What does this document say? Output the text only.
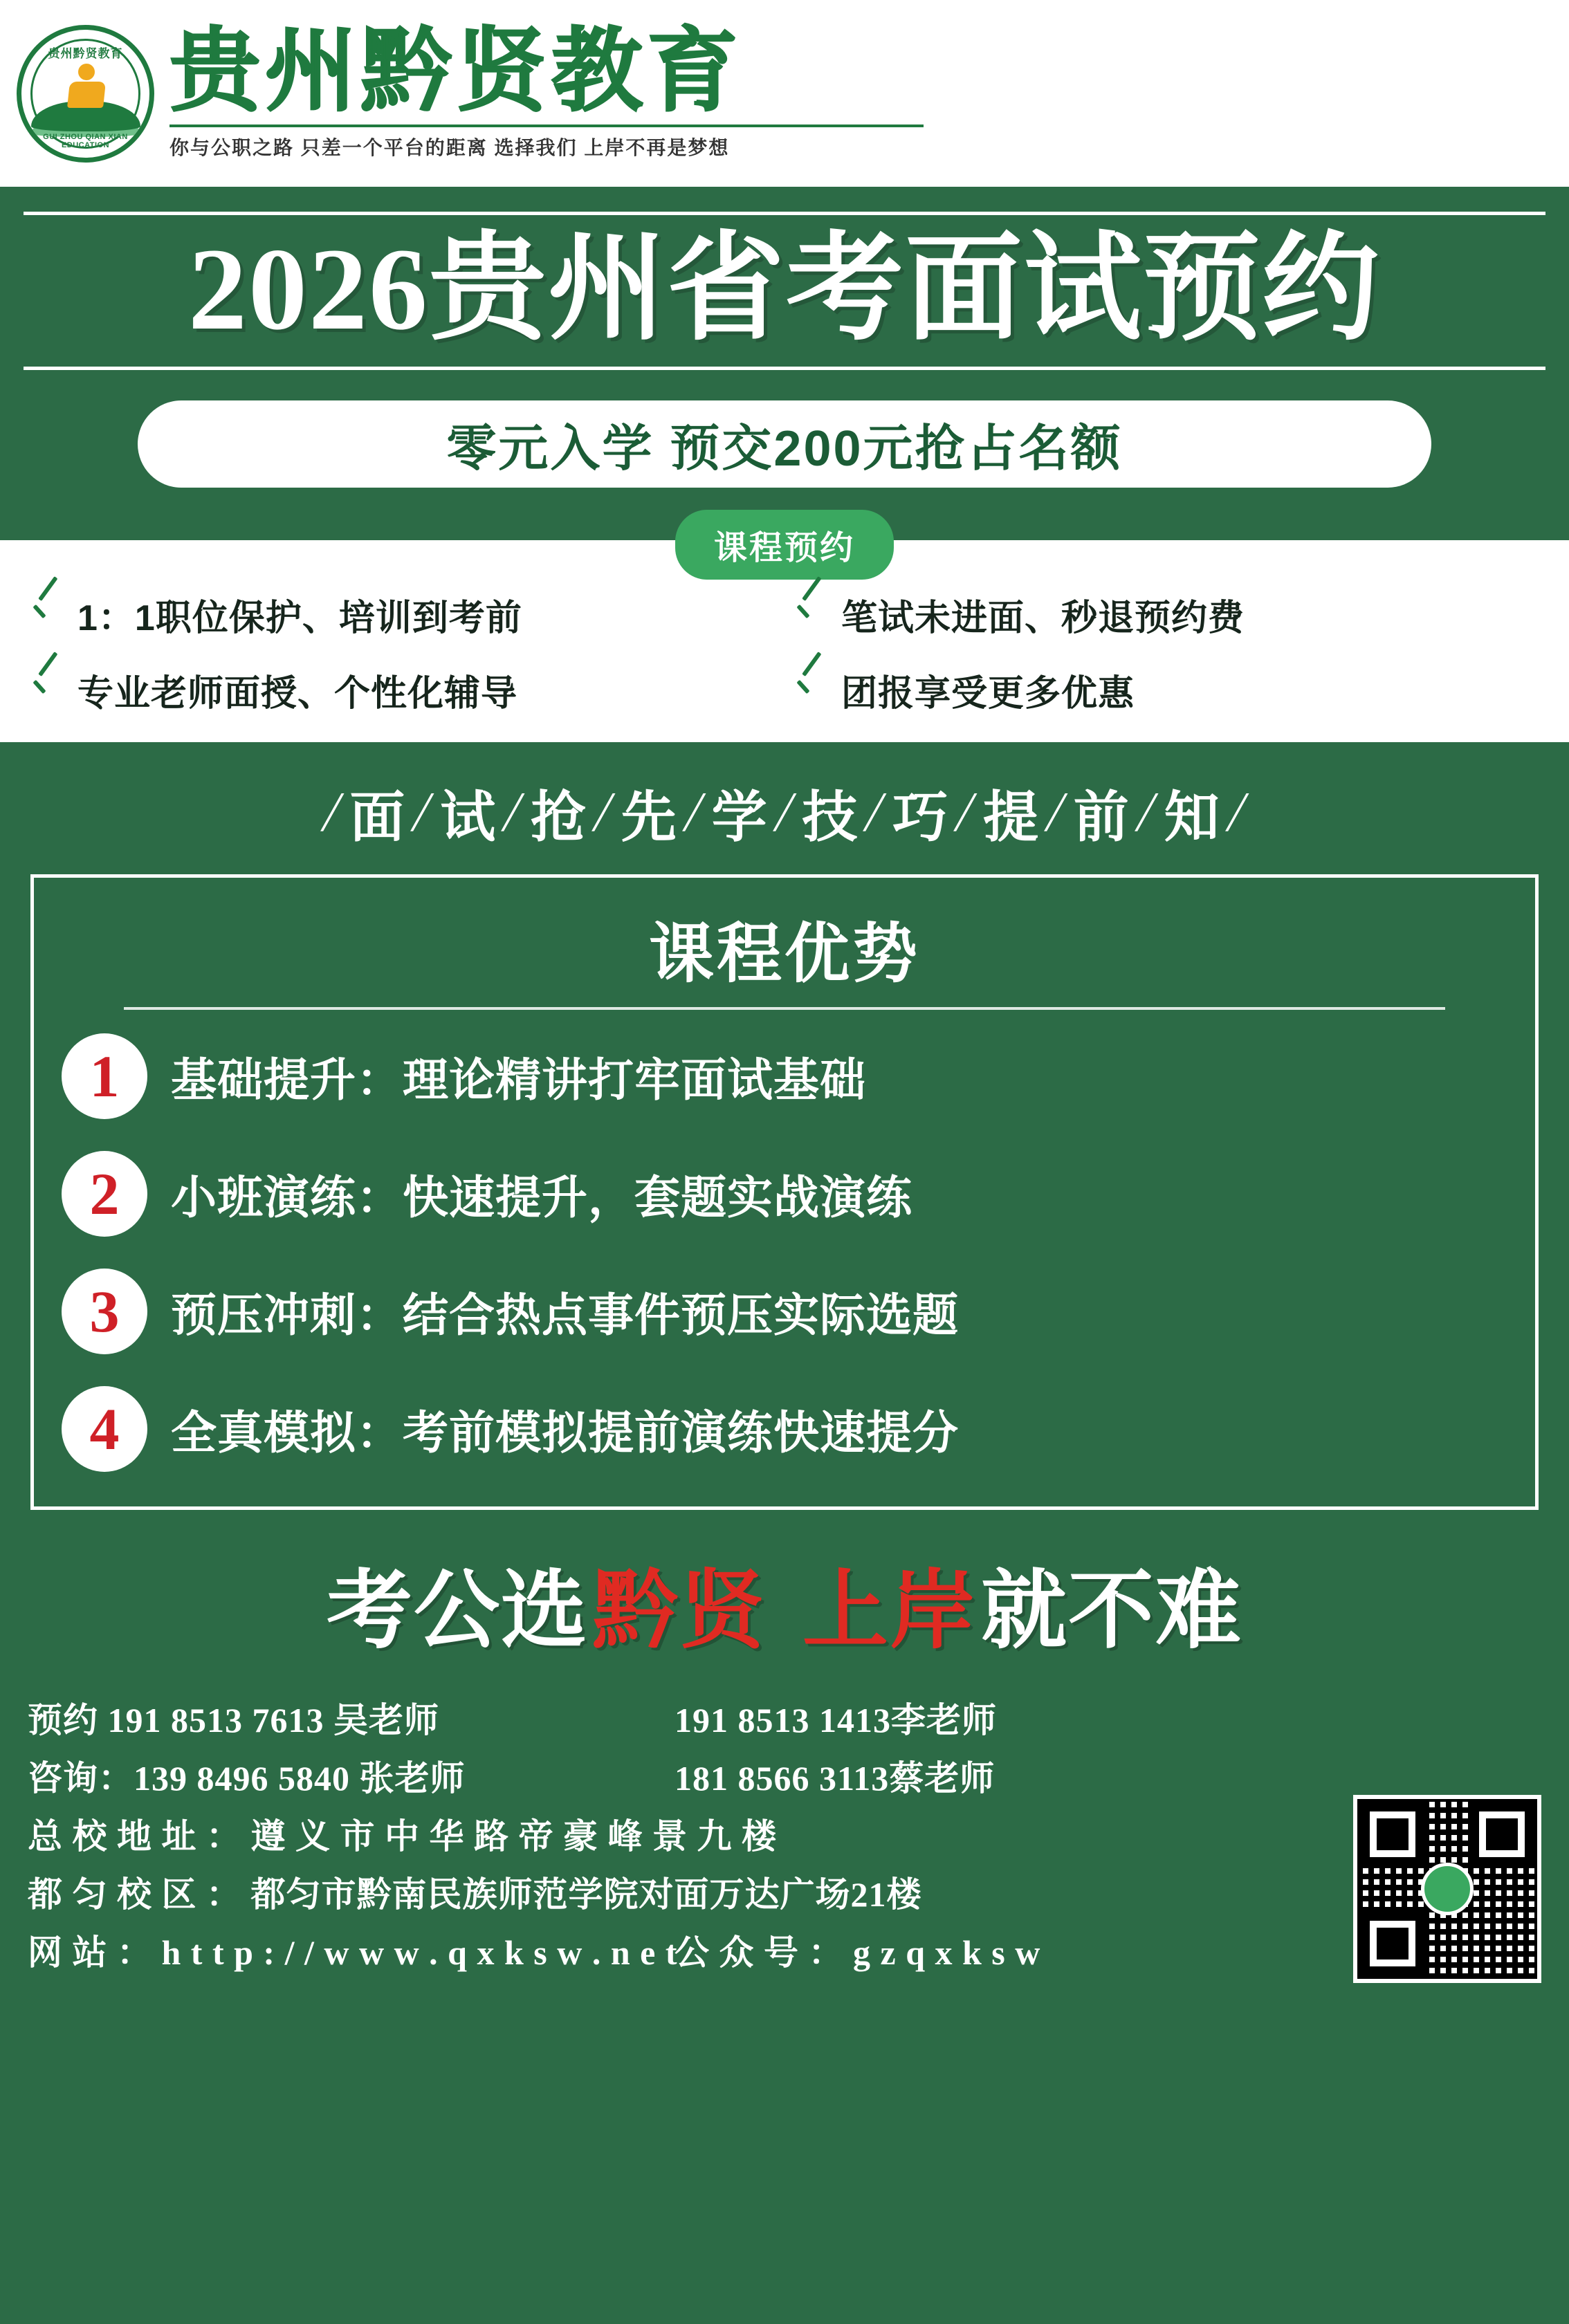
贵州黔贤教育
GUI ZHOU QIAN XIAN EDUCATION
贵州黔贤教育
你与公职之路 只差一个平台的距离 选择我们 上岸不再是梦想
2026贵州省考面试预约
零元入学 预交200元抢占名额
课程预约
1：1职位保护、培训到考前	笔试未进面、秒退预约费
专业老师面授、个性化辅导	团报享受更多优惠
/ 面 / 试 / 抢 / 先 / 学 / 技 / 巧 / 提 / 前 / 知 /
课程优势
1	基础提升：理论精讲打牢面试基础
2	小班演练：快速提升，套题实战演练
3	预压冲刺：结合热点事件预压实际选题
4	全真模拟：考前模拟提前演练快速提分
考公选 黔贤 上岸 就不难
预约 191 8513 7613 吴老师	191 8513 1413李老师
咨询：139 8496 5840 张老师	181 8566 3113蔡老师
总 校 地 址 ： 遵 义 市 中 华 路 帝 豪 峰 景 九 楼
都 匀 校 区 ： 都匀市黔南民族师范学院对面万达广场21楼
网 站 ： h t t p : / / w w w . q x k s w . n e t
公 众 号 ： g z q x k s w
